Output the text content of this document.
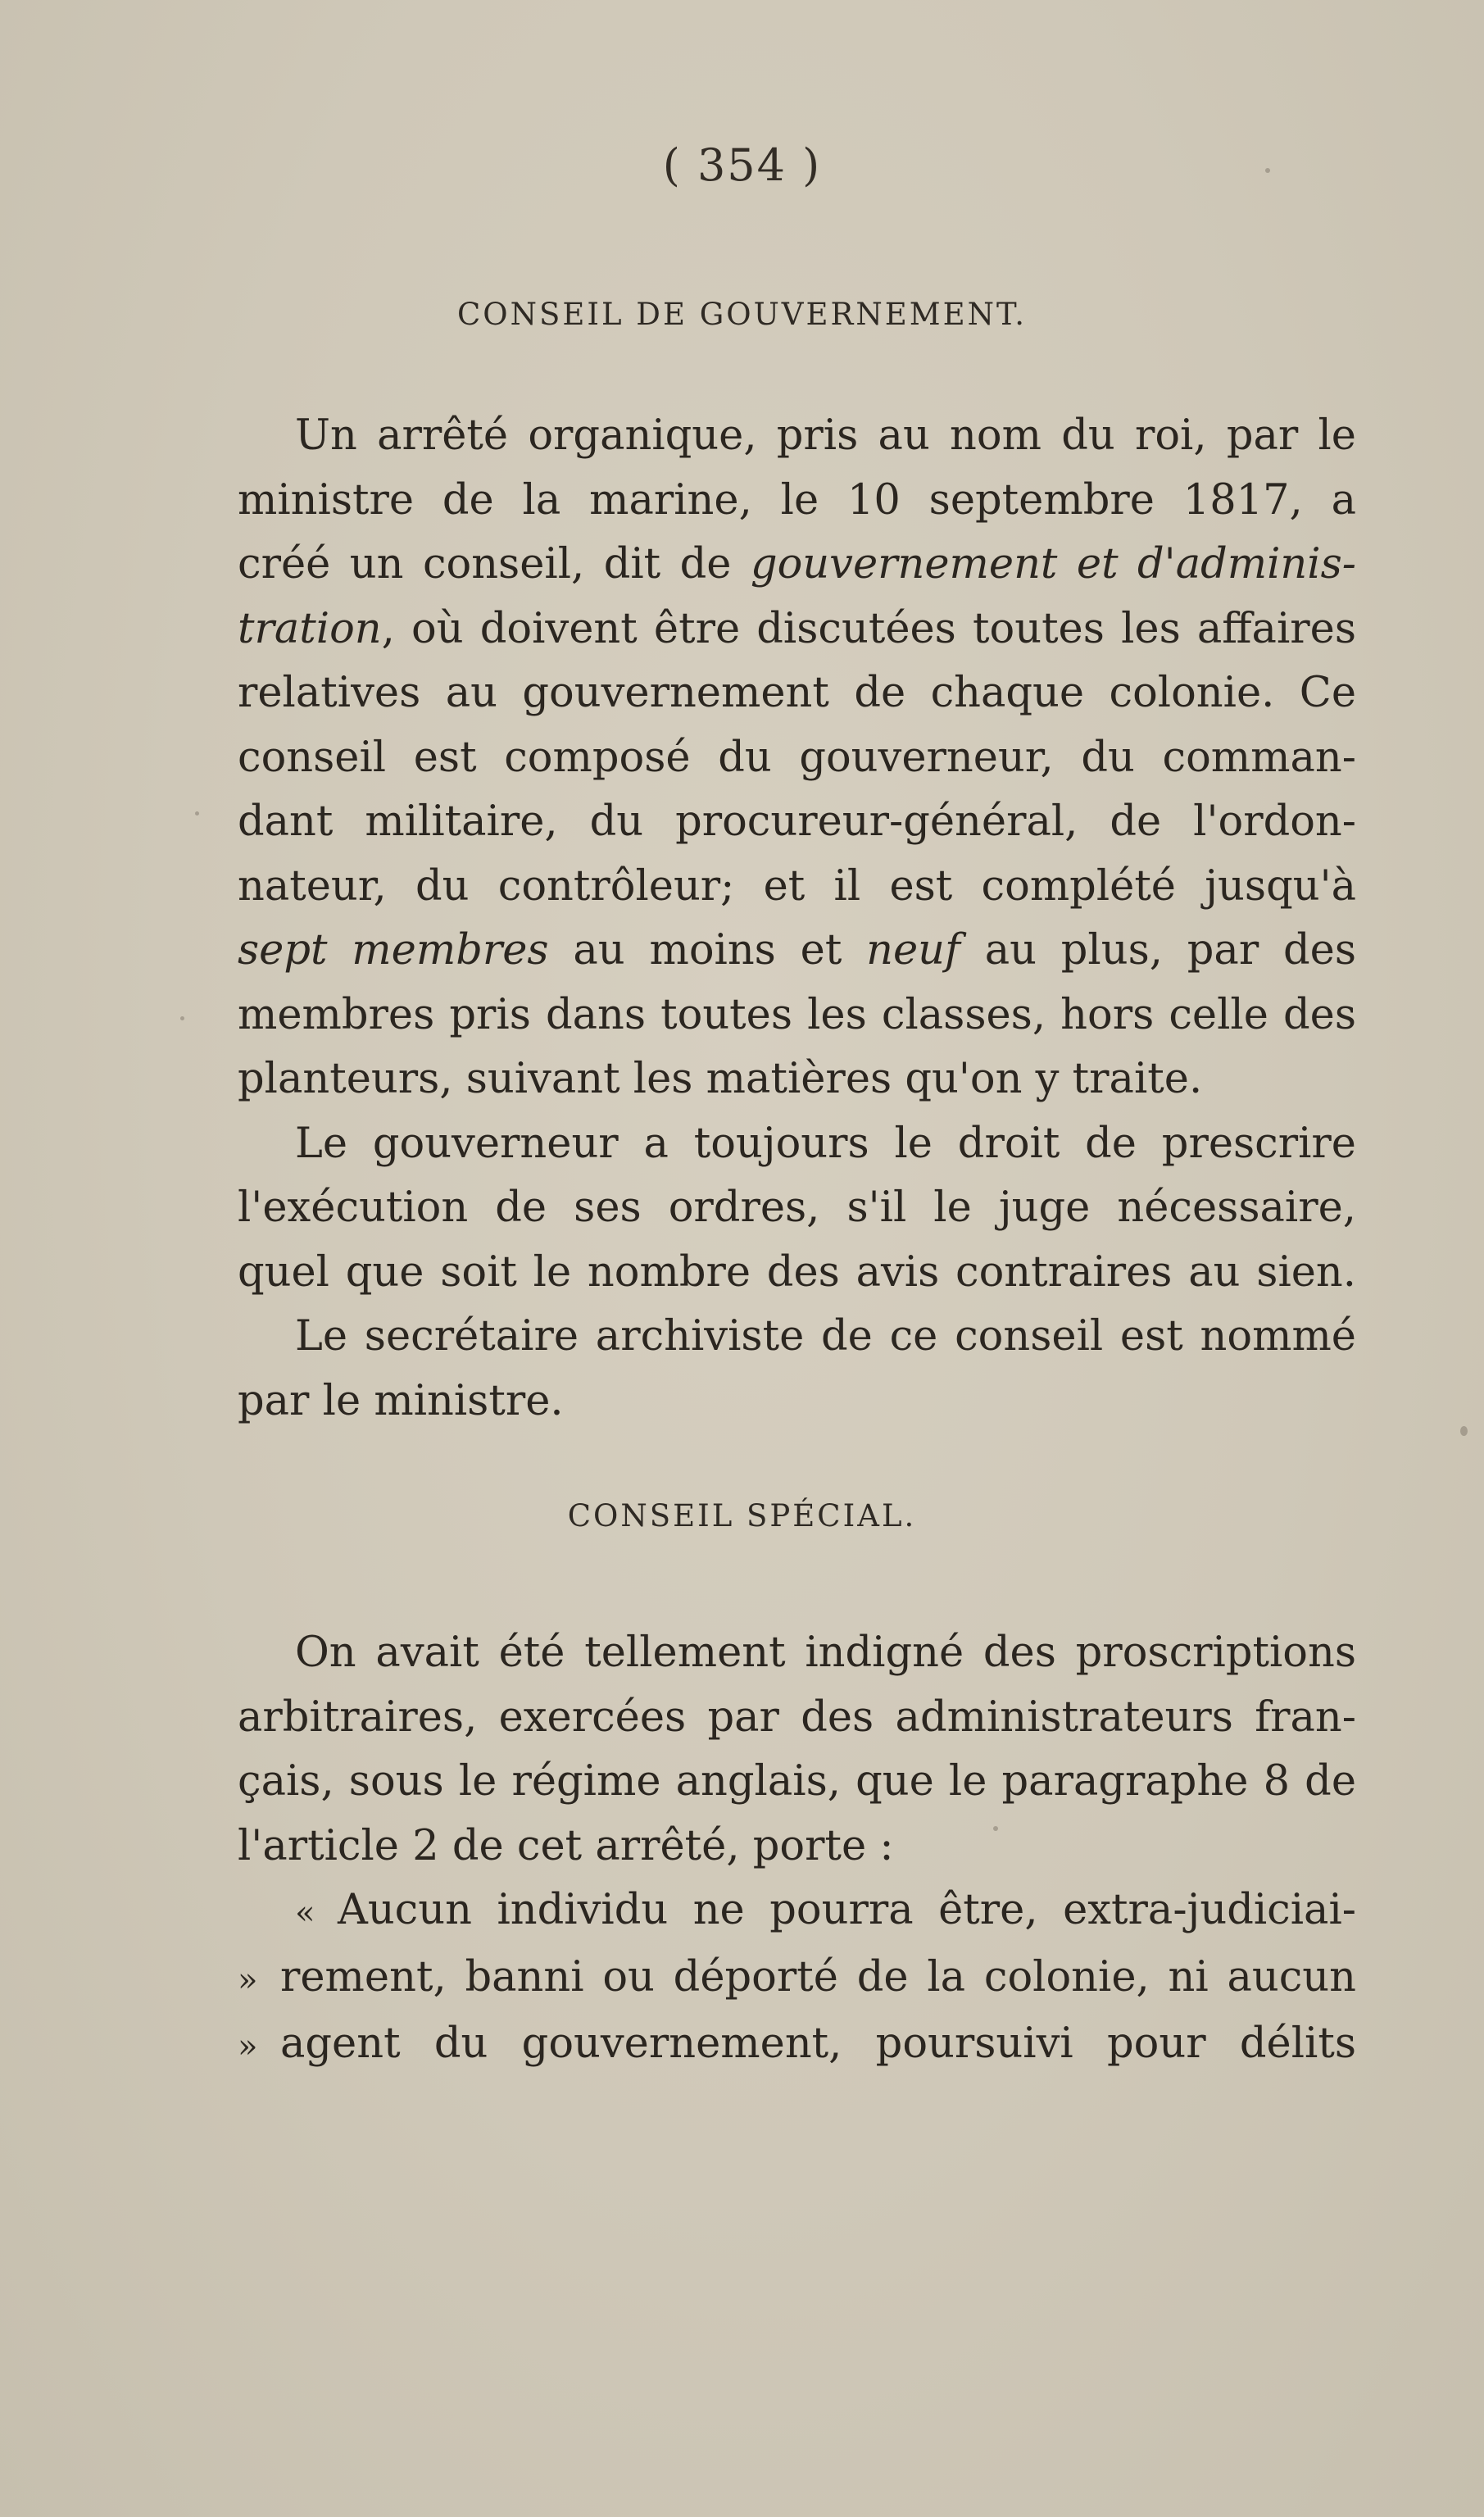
( 354 )
CONSEIL DE GOUVERNEMENT.
Un arrêté organique, pris au nom du roi, par le
ministre de la marine, le 10 septembre 1817, a
créé un conseil, dit de gouvernement et d'adminis-
tration, où doivent être discutées toutes les affaires
relatives au gouvernement de chaque colonie. Ce
conseil est composé du gouverneur, du comman-
dant militaire, du procureur-général, de l'ordon-
nateur, du contrôleur; et il est complété jusqu'à
sept membres au moins et neuf au plus, par des
membres pris dans toutes les classes, hors celle des
planteurs, suivant les matières qu'on y traite.
Le gouverneur a toujours le droit de prescrire
l'exécution de ses ordres, s'il le juge nécessaire,
quel que soit le nombre des avis contraires au sien.
Le secrétaire archiviste de ce conseil est nommé
par le ministre.
CONSEIL SPÉCIAL.
On avait été tellement indigné des proscriptions
arbitraires, exercées par des administrateurs fran-
çais, sous le régime anglais, que le paragraphe 8 de
l'article 2 de cet arrêté, porte :
« Aucun individu ne pourra être, extra-judiciai-
» rement, banni ou déporté de la colonie, ni aucun
» agent du gouvernement, poursuivi pour délits
